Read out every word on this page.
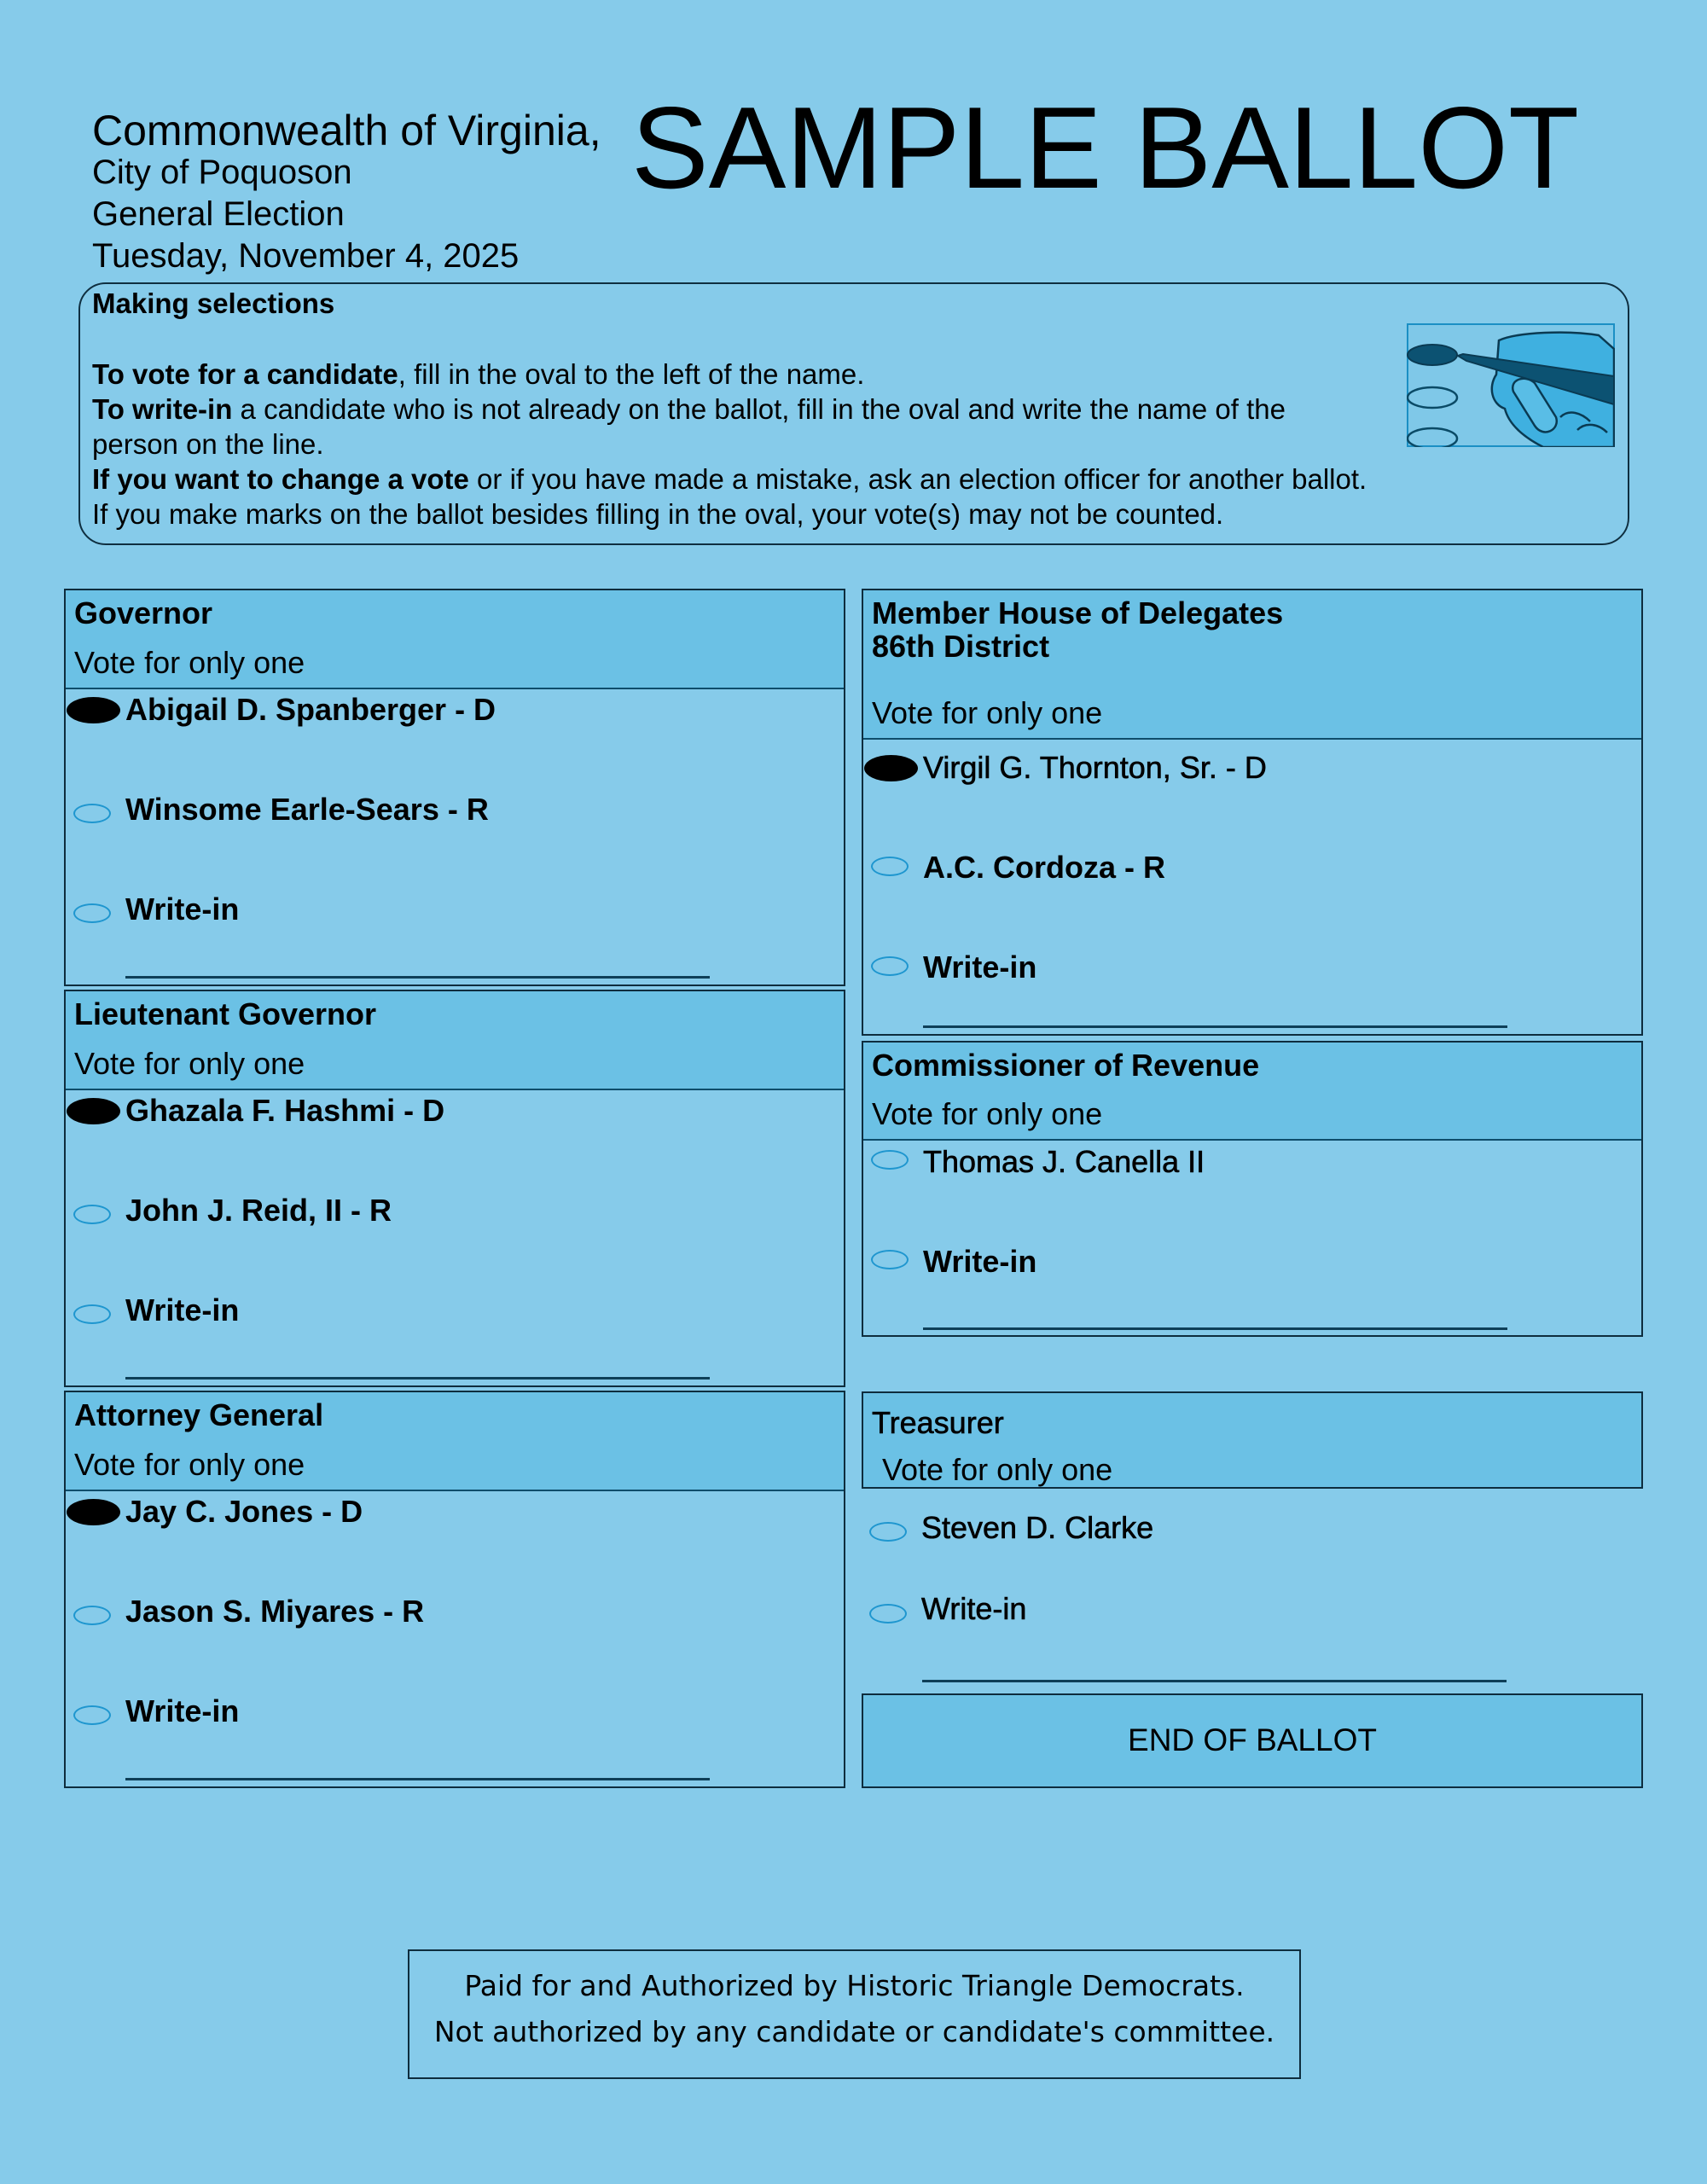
Commonwealth of Virginia,
City of Poquoson
General Election
Tuesday, November 4, 2025
SAMPLE BALLOT
Making selections
To vote for a candidate, fill in the oval to the left of the name.
To write-in a candidate who is not already on the ballot, fill in the oval and write the name of the
person on the line.
If you want to change a vote or if you have made a mistake, ask an election officer for another ballot.
If you make marks on the ballot besides filling in the oval, your vote(s) may not be counted.
Governor
Vote for only one
Abigail D. Spanberger - D
Winsome Earle-Sears - R
Write-in
Lieutenant Governor
Vote for only one
Ghazala F. Hashmi - D
John J. Reid, II - R
Write-in
Attorney General
Vote for only one
Jay C. Jones - D
Jason S. Miyares - R
Write-in
Member House of Delegates
86th District
Vote for only one
Virgil G. Thornton, Sr. - D
A.C. Cordoza - R
Write-in
Commissioner of Revenue
Vote for only one
Thomas J. Canella II
Write-in
Treasurer
Vote for only one
Steven D. Clarke
Write-in
END OF BALLOT
Paid for and Authorized by Historic Triangle Democrats.
Not authorized by any candidate or candidate's committee.
